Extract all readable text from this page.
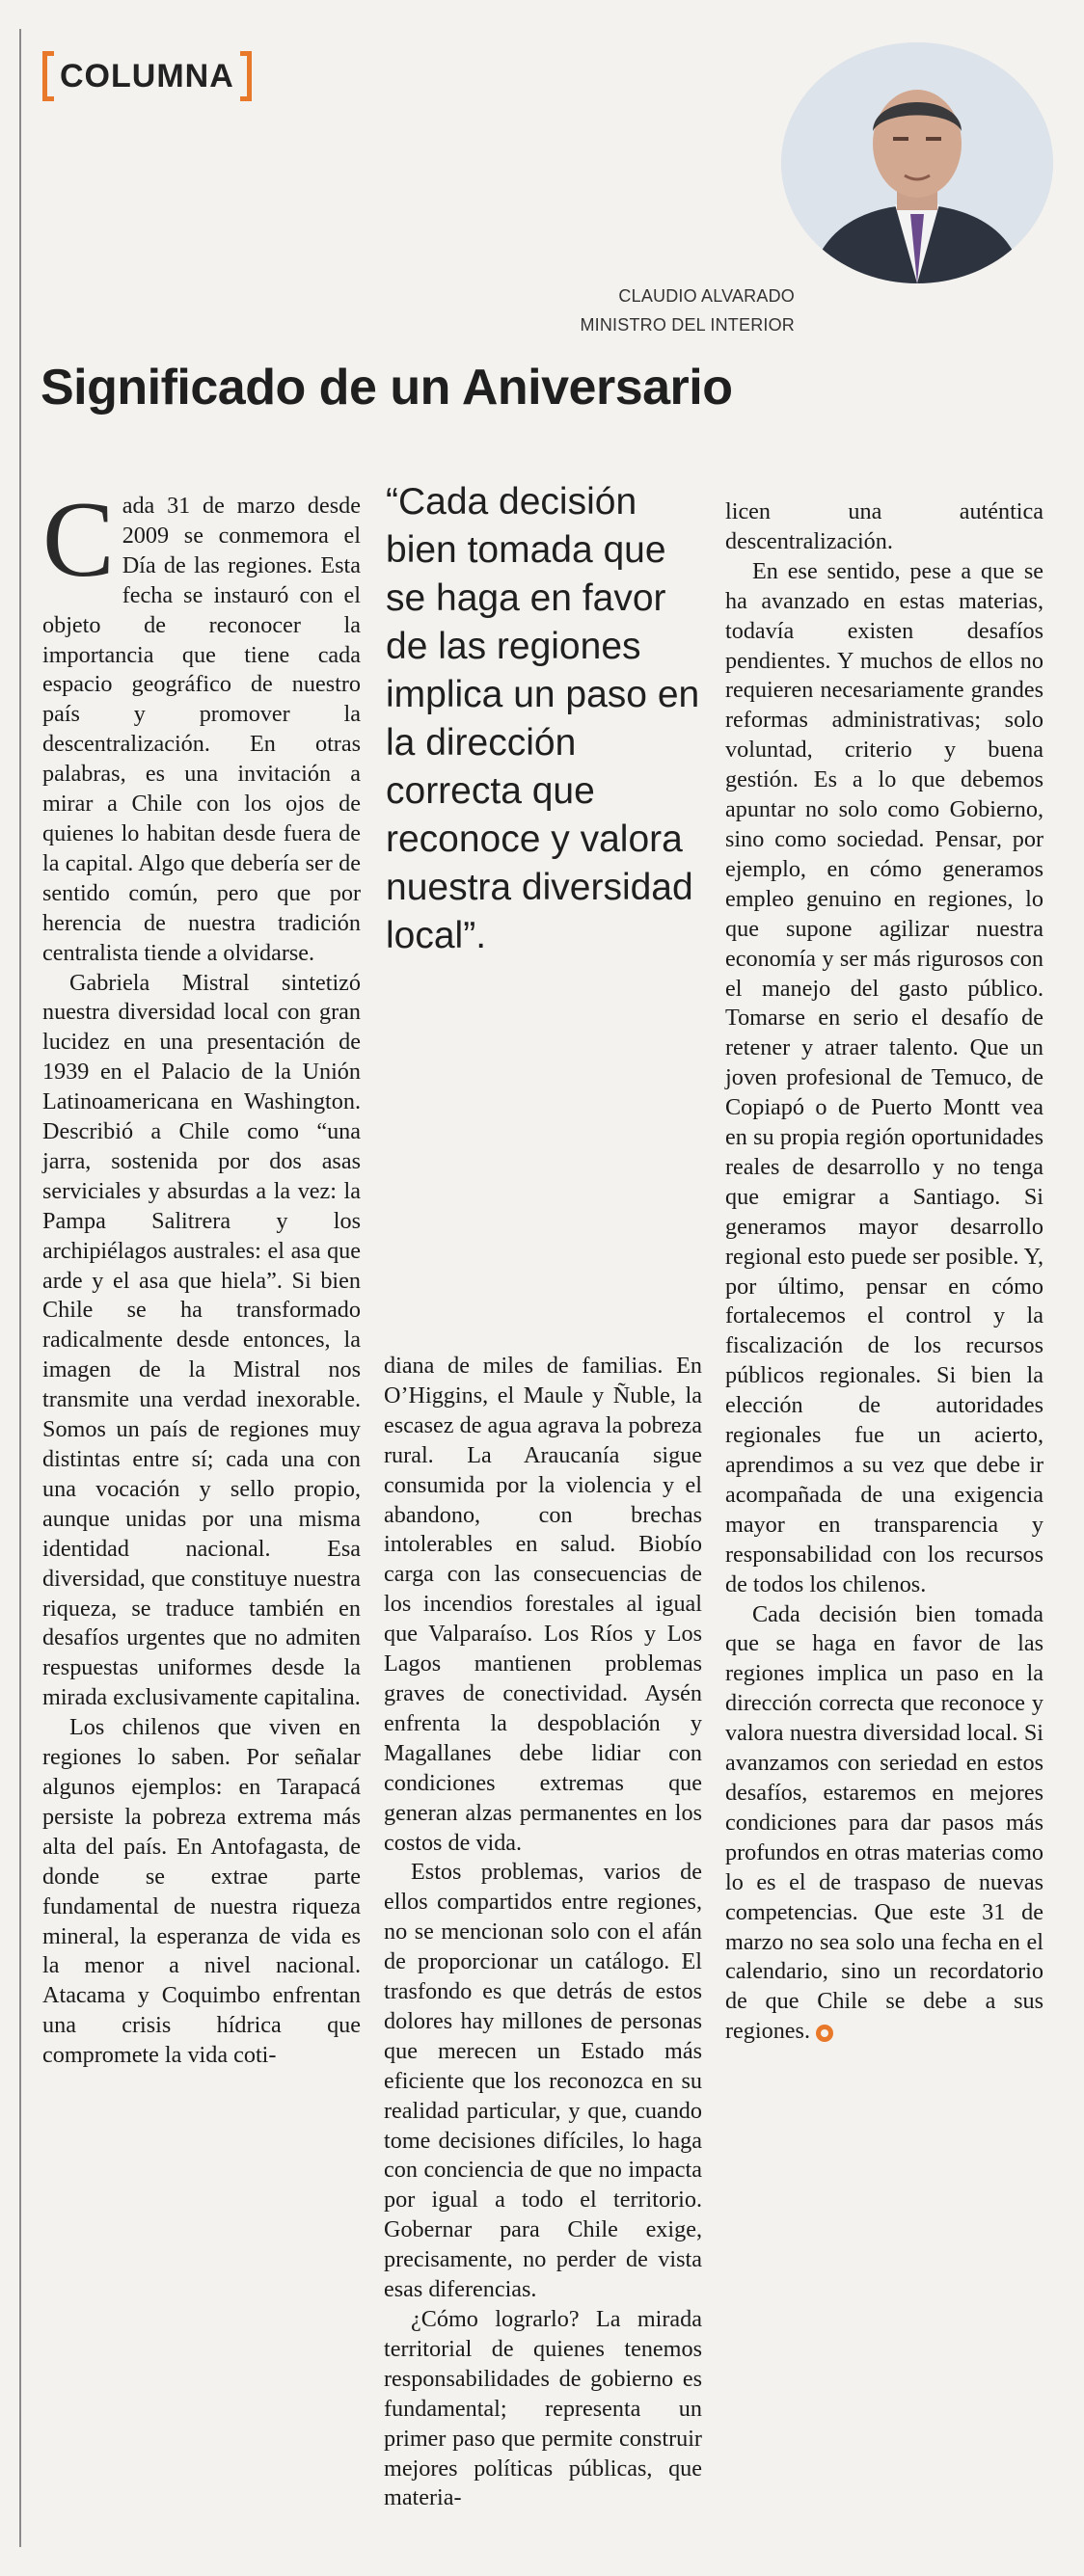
COLUMNA
CLAUDIO ALVARADO
MINISTRO DEL INTERIOR
Significado de un Aniversario

Cada 31 de marzo desde 2009 se conmemora el Día de las regiones. Esta fecha se instauró con el objeto de reconocer la importancia que tiene cada espacio geográfico de nuestro país y promover la descentralización. En otras palabras, es una invitación a mirar a Chile con los ojos de quienes lo habitan desde fuera de la capital. Algo que debería ser de sentido común, pero que por herencia de nuestra tradición centralista tiende a olvidarse.

Gabriela Mistral sintetizó nuestra diversidad local con gran lucidez en una presentación de 1939 en el Palacio de la Unión Latinoamericana en Washington. Describió a Chile como “una jarra, sostenida por dos asas serviciales y absurdas a la vez: la Pampa Salitrera y los archipiélagos australes: el asa que arde y el asa que hiela”. Si bien Chile se ha transformado radicalmente desde entonces, la imagen de la Mistral nos transmite una verdad inexorable. Somos un país de regiones muy distintas entre sí; cada una con una vocación y sello propio, aunque unidas por una misma identidad nacional. Esa diversidad, que constituye nuestra riqueza, se traduce también en desafíos urgentes que no admiten respuestas uniformes desde la mirada exclusivamente capitalina.

Los chilenos que viven en regiones lo saben. Por señalar algunos ejemplos: en Tarapacá persiste la pobreza extrema más alta del país. En Antofagasta, de donde se extrae parte fundamental de nuestra riqueza mineral, la esperanza de vida es la menor a nivel nacional. Atacama y Coquimbo enfrentan una crisis hídrica que compromete la vida coti-

“Cada decisión bien tomada que se haga en favor de las regiones implica un paso en la dirección correcta que reconoce y valora nuestra diversidad local”.

diana de miles de familias. En O’Higgins, el Maule y Ñuble, la escasez de agua agrava la pobreza rural. La Araucanía sigue consumida por la violencia y el abandono, con brechas intolerables en salud. Biobío carga con las consecuencias de los incendios forestales al igual que Valparaíso. Los Ríos y Los Lagos mantienen problemas graves de conectividad. Aysén enfrenta la despoblación y Magallanes debe lidiar con condiciones extremas que generan alzas permanentes en los costos de vida.

Estos problemas, varios de ellos compartidos entre regiones, no se mencionan solo con el afán de proporcionar un catálogo. El trasfondo es que detrás de estos dolores hay millones de personas que merecen un Estado más eficiente que los reconozca en su realidad particular, y que, cuando tome decisiones difíciles, lo haga con conciencia de que no impacta por igual a todo el territorio. Gobernar para Chile exige, precisamente, no perder de vista esas diferencias.

¿Cómo lograrlo? La mirada territorial de quienes tenemos responsabilidades de gobierno es fundamental; representa un primer paso que permite construir mejores políticas públicas, que materia-

licen una auténtica descentralización.

En ese sentido, pese a que se ha avanzado en estas materias, todavía existen desafíos pendientes. Y muchos de ellos no requieren necesariamente grandes reformas administrativas; solo voluntad, criterio y buena gestión. Es a lo que debemos apuntar no solo como Gobierno, sino como sociedad. Pensar, por ejemplo, en cómo generamos empleo genuino en regiones, lo que supone agilizar nuestra economía y ser más rigurosos con el manejo del gasto público. Tomarse en serio el desafío de retener y atraer talento. Que un joven profesional de Temuco, de Copiapó o de Puerto Montt vea en su propia región oportunidades reales de desarrollo y no tenga que emigrar a Santiago. Si generamos mayor desarrollo regional esto puede ser posible. Y, por último, pensar en cómo fortalecemos el control y la fiscalización de los recursos públicos regionales. Si bien la elección de autoridades regionales fue un acierto, aprendimos a su vez que debe ir acompañada de una exigencia mayor en transparencia y responsabilidad con los recursos de todos los chilenos.

Cada decisión bien tomada que se haga en favor de las regiones implica un paso en la dirección correcta que reconoce y valora nuestra diversidad local. Si avanzamos con seriedad en estos desafíos, estaremos en mejores condiciones para dar pasos más profundos en otras materias como lo es el de traspaso de nuevas competencias. Que este 31 de marzo no sea solo una fecha en el calendario, sino un recordatorio de que Chile se debe a sus regiones.
